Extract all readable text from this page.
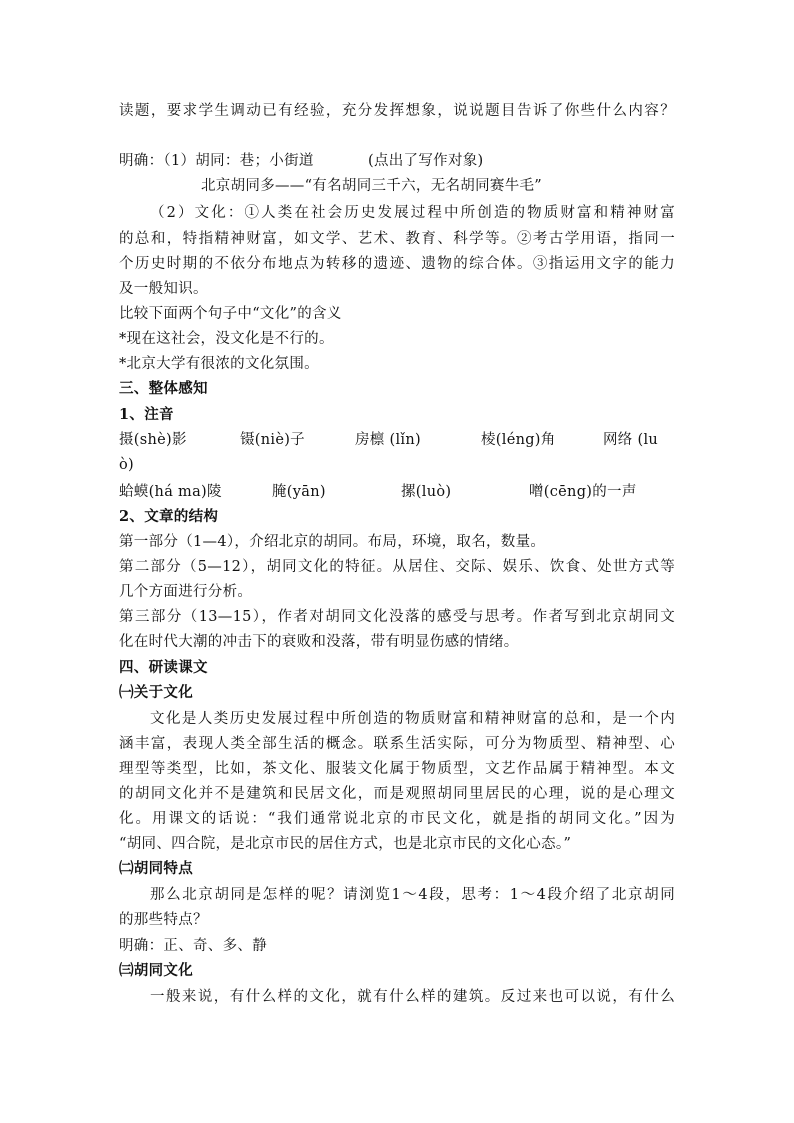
读题，要求学生调动已有经验，充分发挥想象，说说题目告诉了你些什么内容？
明确：（1）胡同：巷；小街道	(点出了写作对象)
北京胡同多——“有名胡同三千六，无名胡同赛牛毛”
（2）文化：①人类在社会历史发展过程中所创造的物质财富和精神财富
的总和，特指精神财富，如文学、艺术、教育、科学等。②考古学用语，指同一
个历史时期的不依分布地点为转移的遗迹、遗物的综合体。③指运用文字的能力
及一般知识。
比较下面两个句子中“文化”的含义
*现在这社会，没文化是不行的。
*北京大学有很浓的文化氛围。
三、整体感知
1、注音
摄(shè)影	镊(niè)子	房檩 (lǐn)	棱(léng)角	网络 (lu
ò)
蛤蟆(há ma)陵	腌(yān)	摞(luò)	噌(cēng)的一声
2、文章的结构
第一部分（1—4），介绍北京的胡同。布局，环境，取名，数量。
第二部分（5—12），胡同文化的特征。从居住、交际、娱乐、饮食、处世方式等
几个方面进行分析。
第三部分（13—15），作者对胡同文化没落的感受与思考。作者写到北京胡同文
化在时代大潮的冲击下的衰败和没落，带有明显伤感的情绪。
四、研读课文
㈠关于文化
文化是人类历史发展过程中所创造的物质财富和精神财富的总和，是一个内
涵丰富，表现人类全部生活的概念。联系生活实际，可分为物质型、精神型、心
理型等类型，比如，茶文化、服装文化属于物质型，文艺作品属于精神型。本文
的胡同文化并不是建筑和民居文化，而是观照胡同里居民的心理，说的是心理文
化。用课文的话说：“我们通常说北京的市民文化，就是指的胡同文化。”因为
“胡同、四合院，是北京市民的居住方式，也是北京市民的文化心态。”
㈡胡同特点
那么北京胡同是怎样的呢？请浏览1～4段，思考：1～4段介绍了北京胡同
的那些特点？
明确：正、奇、多、静
㈢胡同文化
一般来说，有什么样的文化，就有什么样的建筑。反过来也可以说，有什么
